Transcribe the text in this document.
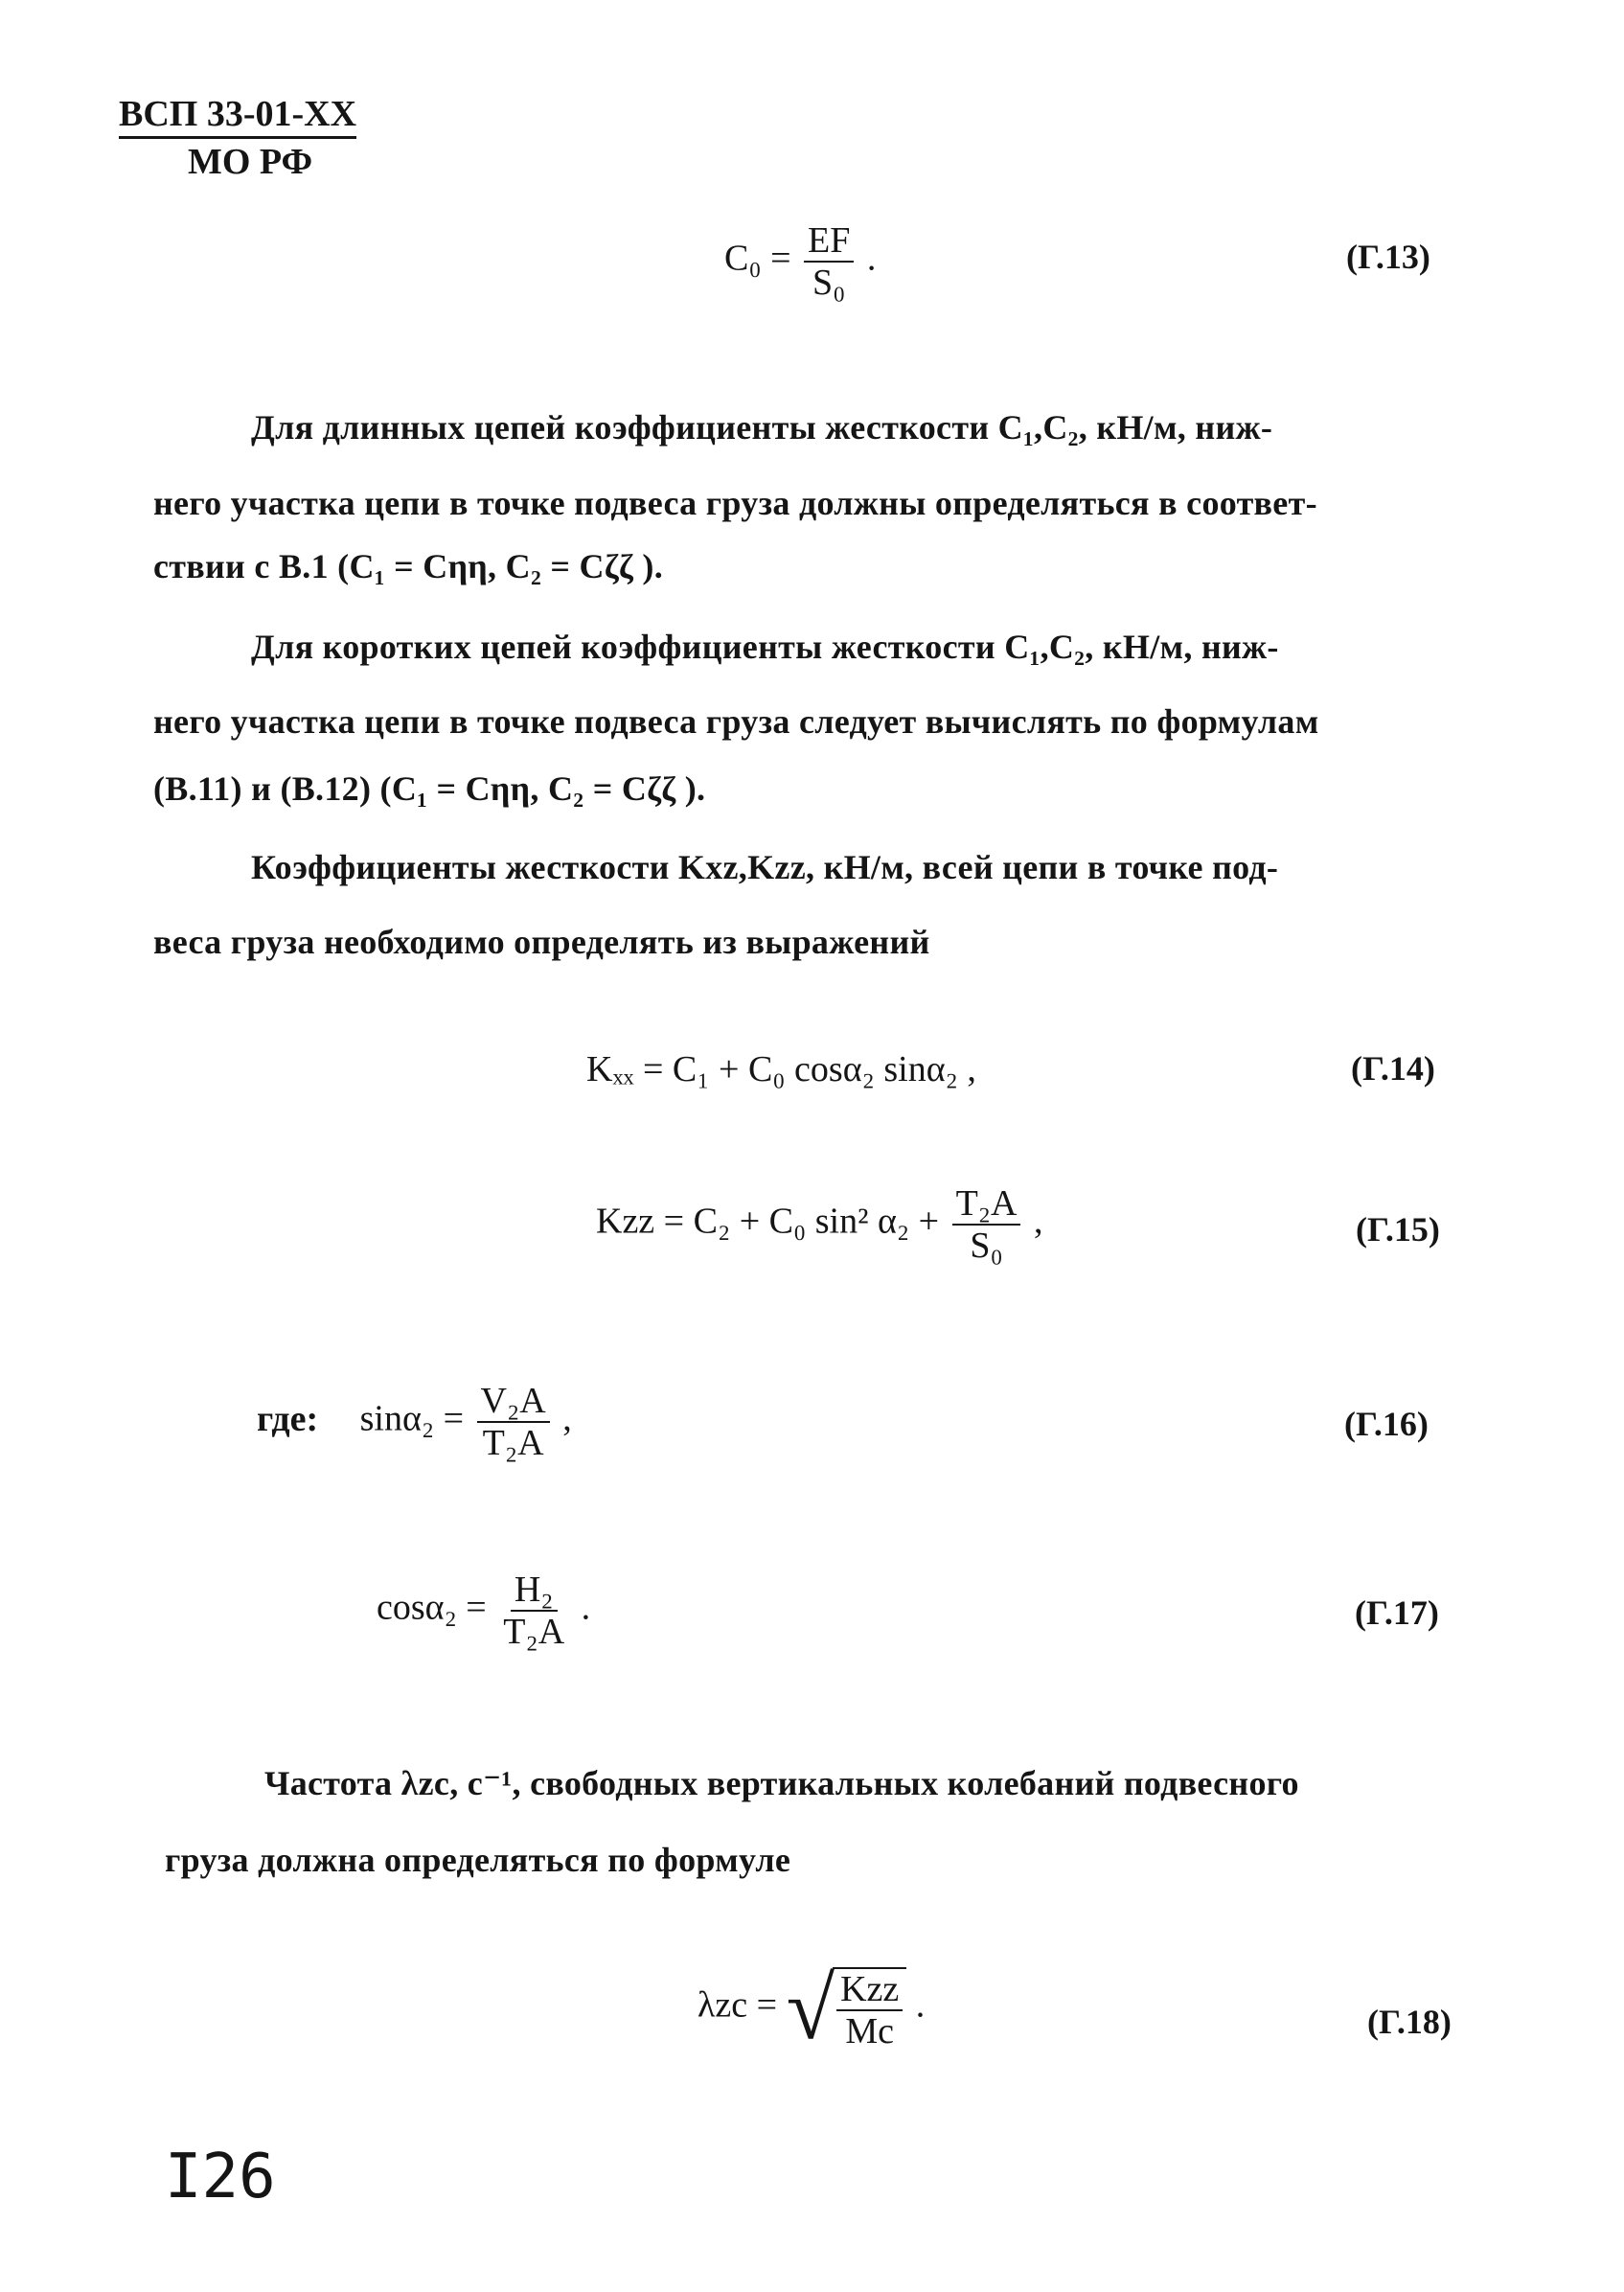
ВСП 33-01-ХХ
МО РФ
$C_0 = \frac{EF}{\text{S₀}}$ .	(Г.13)
Для длинных цепей коэффициенты жесткости C₁,C₂, кН/м, ниж-
него участка цепи в точке подвеса груза должны определяться в соответ-
ствии с В.1 (C₁ = Cηη, C₂ = Cζζ ).
Для коротких цепей коэффициенты жесткости C₁,C₂, кН/м, ниж-
него участка цепи в точке подвеса груза следует вычислять по формулам
(В.11) и (В.12) (C₁ = Cηη, C₂ = Cζζ ).
Коэффициенты жесткости Kxz,Kzz, кН/м, всей цепи в точке под-
веса груза необходимо определять из выражений
Kₓₓ = C₁ + C₀ cosα₂ sinα₂ ,	(Г.14)
Kzz = C₂ + C₀ sin² $\alpha_2 + \frac{\text{T₂A}}{\text{S₀}}$ ,	(Г.15)
где: $\sin\alpha_2 = \frac{\text{V₂A}}{\text{T₂A}}$ ,	(Г.16)
$\cos\alpha_2 = \frac{\text{H₂}}{\text{T₂A}}$ .	(Г.17)
Частота λzc, с⁻¹, свободных вертикальных колебаний подвесного
груза должна определяться по формуле
λzc = √ $\frac{\text{Kzz}}{Mc}$ .	(Г.18)
I26
